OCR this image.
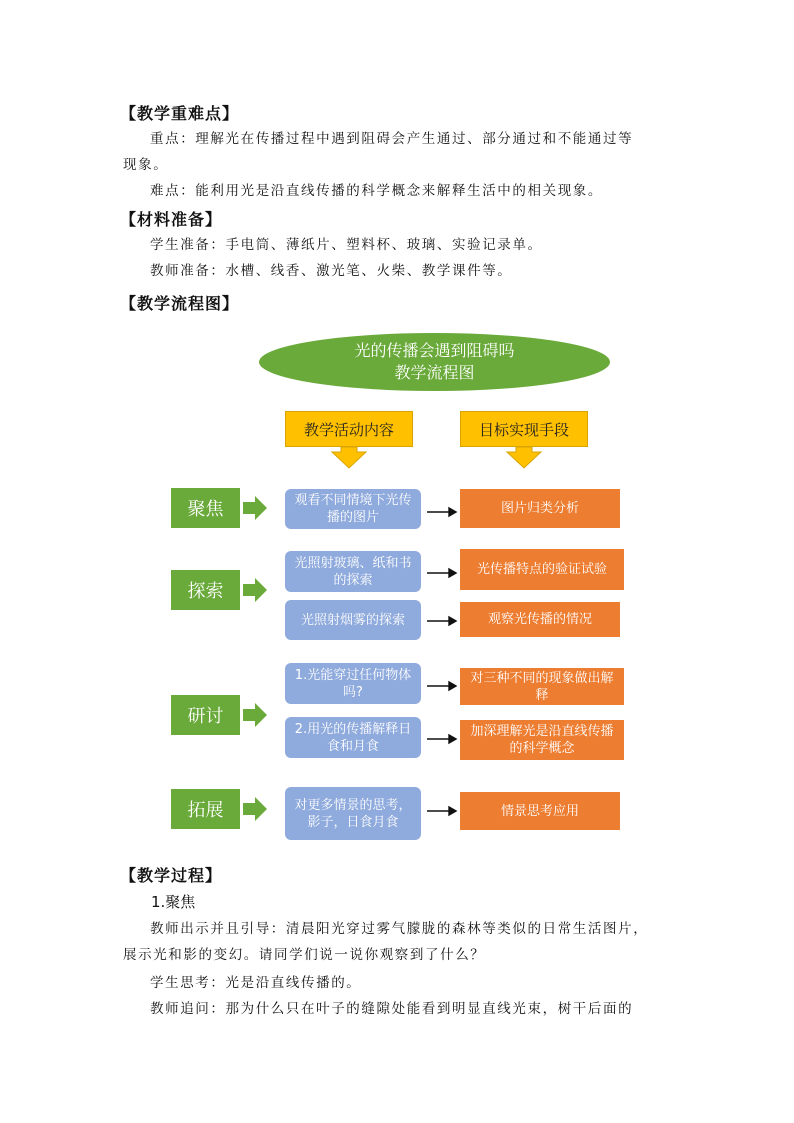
【教学重难点】
重点：理解光在传播过程中遇到阻碍会产生通过、部分通过和不能通过等
现象。
难点：能利用光是沿直线传播的科学概念来解释生活中的相关现象。
【材料准备】
学生准备：手电筒、薄纸片、塑料杯、玻璃、实验记录单。
教师准备：水槽、线香、激光笔、火柴、教学课件等。
【教学流程图】
光的传播会遇到阻碍吗
教学流程图
教学活动内容	目标实现手段
聚焦
探索
研讨
拓展
观看不同情境下光传播的图片
光照射玻璃、纸和书的探索
光照射烟雾的探索
1.光能穿过任何物体吗?
2.用光的传播解释日食和月食
对更多情景的思考，影子，日食月食
图片归类分析
光传播特点的验证试验
观察光传播的情况
对三种不同的现象做出解释
加深理解光是沿直线传播的科学概念
情景思考应用
【教学过程】
1.聚焦
教师出示并且引导：清晨阳光穿过雾气朦胧的森林等类似的日常生活图片，
展示光和影的变幻。请同学们说一说你观察到了什么？
学生思考：光是沿直线传播的。
教师追问：那为什么只在叶子的缝隙处能看到明显直线光束，树干后面的
